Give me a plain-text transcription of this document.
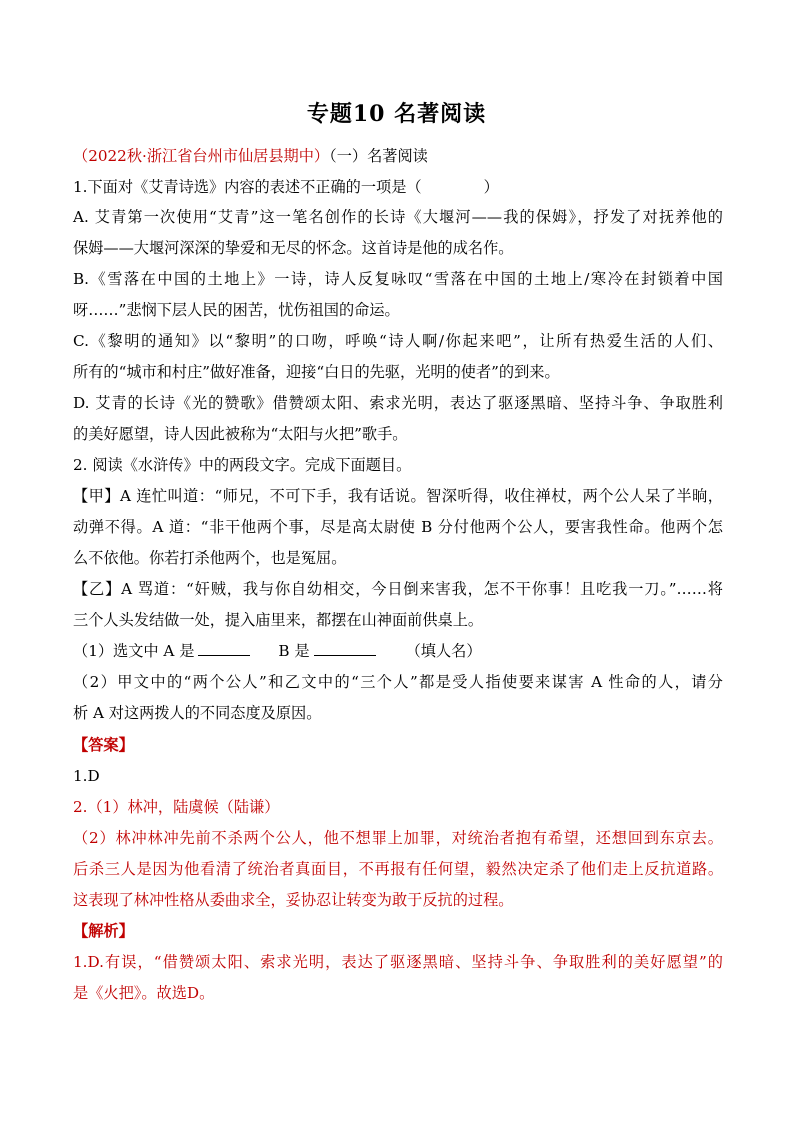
专题10 名著阅读
（2022秋·浙江省台州市仙居县期中）（一）名著阅读
1.下面对《艾青诗选》内容的表述不正确的一项是（	）
A. 艾青第一次使用“艾青”这一笔名创作的长诗《大堰河——我的保姆》，抒发了对抚养他的
保姆——大堰河深深的挚爱和无尽的怀念。这首诗是他的成名作。
B.《雪落在中国的土地上》一诗，诗人反复咏叹“雪落在中国的土地上/寒冷在封锁着中国
呀……”悲悯下层人民的困苦，忧伤祖国的命运。
C.《黎明的通知》以“黎明”的口吻，呼唤“诗人啊/你起来吧”，让所有热爱生活的人们、
所有的“城市和村庄”做好准备，迎接“白日的先驱，光明的使者”的到来。
D. 艾青的长诗《光的赞歌》借赞颂太阳、索求光明，表达了驱逐黑暗、坚持斗争、争取胜利
的美好愿望，诗人因此被称为“太阳与火把”歌手。
2. 阅读《水浒传》中的两段文字。完成下面题目。
【甲】A 连忙叫道：“师兄，不可下手，我有话说。智深听得，收住禅杖，两个公人呆了半晌，
动弹不得。A 道：“非干他两个事，尽是高太尉使 B 分付他两个公人，要害我性命。他两个怎
么不依他。你若打杀他两个，也是冤屈。
【乙】A 骂道：“奸贼，我与你自幼相交，今日倒来害我，怎不干你事！且吃我一刀。”……将
三个人头发结做一处，提入庙里来，都摆在山神面前供桌上。
（1）选文中 A 是	B 是	（填人名）
（2）甲文中的“两个公人”和乙文中的“三个人”都是受人指使要来谋害 A 性命的人，请分
析 A 对这两拨人的不同态度及原因。
【答案】
1.D
2.（1）林冲，陆虞候（陆谦）
（2）林冲林冲先前不杀两个公人，他不想罪上加罪，对统治者抱有希望，还想回到东京去。
后杀三人是因为他看清了统治者真面目，不再报有任何望，毅然决定杀了他们走上反抗道路。
这表现了林冲性格从委曲求全，妥协忍让转变为敢于反抗的过程。
【解析】
1.D.有误，“借赞颂太阳、索求光明，表达了驱逐黑暗、坚持斗争、争取胜利的美好愿望”的
是《火把》。故选D。
